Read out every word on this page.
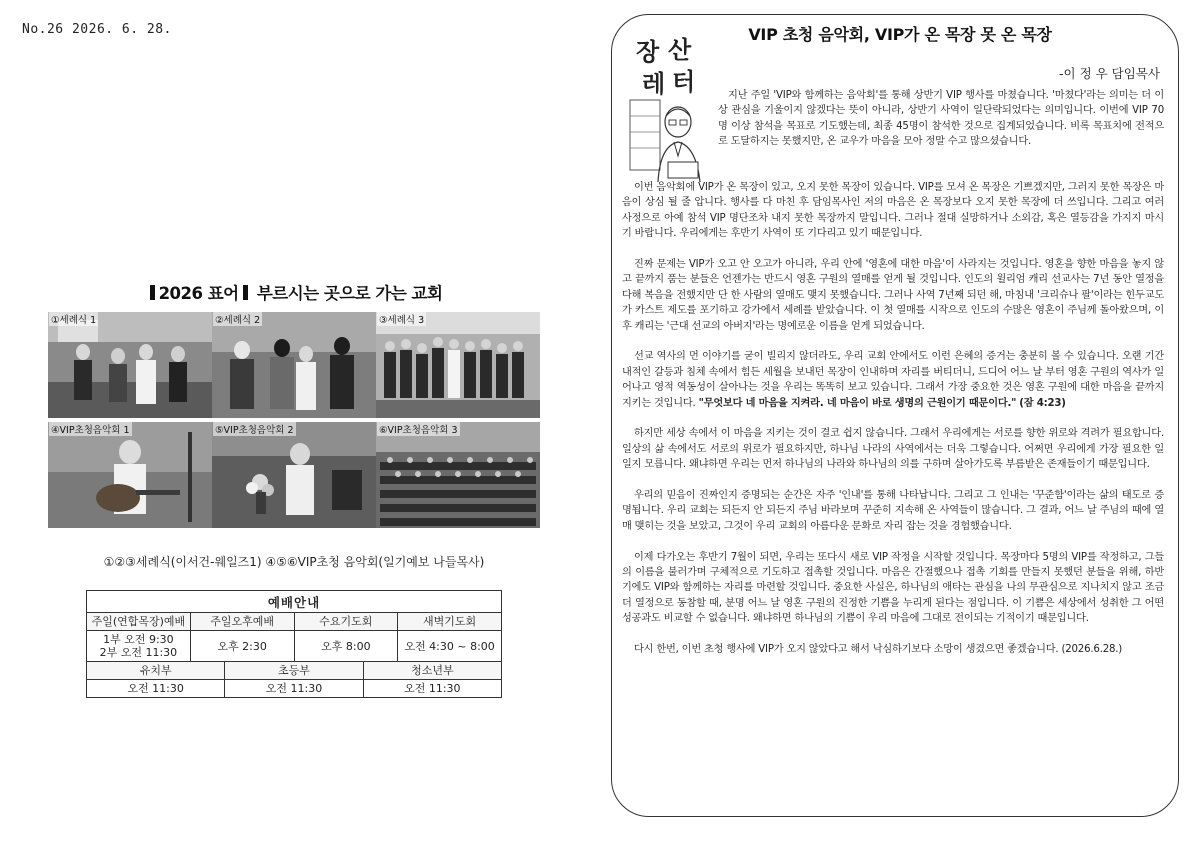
No.26 2026. 6. 28.
2026 표어 부르시는 곳으로 가는 교회
①세례식 1	②세례식 2	③세례식 3
④VIP초청음악회 1	⑤VIP초청음악회 2	⑥VIP초청음악회 3
①②③세례식(이서건-웨일즈1) ④⑤⑥VIP초청 음악회(일기예보 나들목사)
예배안내
주일(연합목장)예배	주일오후예배	수요기도회	새벽기도회
1부 오전 9:30
2부 오전 11:30	오후 2:30	오후 8:00	오전 4:30 ~ 8:00
유치부	초등부	청소년부
오전 11:30	오전 11:30	오전 11:30
장 산
레 터
VIP 초청 음악회, VIP가 온 목장 못 온 목장
-이 정 우 담임목사

지난 주일 'VIP와 함께하는 음악회'를 통해 상반기 VIP 행사를 마쳤습니다. '마쳤다'라는 의미는 더 이상 관심을 기울이지 않겠다는 뜻이 아니라, 상반기 사역이 일단락되었다는 의미입니다. 이번에 VIP 70명 이상 참석을 목표로 기도했는데, 최종 45명이 참석한 것으로 집계되었습니다. 비록 목표치에 전적으로 도달하지는 못했지만, 온 교우가 마음을 모아 정말 수고 많으셨습니다.

이번 음악회에 VIP가 온 목장이 있고, 오지 못한 목장이 있습니다. VIP를 모셔 온 목장은 기쁘겠지만, 그러지 못한 목장은 마음이 상심 될 줄 압니다. 행사를 다 마친 후 담임목사인 저의 마음은 온 목장보다 오지 못한 목장에 더 쓰입니다. 그리고 여러 사정으로 아예 참석 VIP 명단조차 내지 못한 목장까지 말입니다. 그러나 절대 실망하거나 소외감, 혹은 열등감을 가지지 마시기 바랍니다. 우리에게는 후반기 사역이 또 기다리고 있기 때문입니다.

진짜 문제는 VIP가 오고 안 오고가 아니라, 우리 안에 '영혼에 대한 마음'이 사라지는 것입니다. 영혼을 향한 마음을 놓지 않고 끝까지 품는 분들은 언젠가는 반드시 영혼 구원의 열매를 얻게 될 것입니다. 인도의 윌리엄 캐리 선교사는 7년 동안 열정을 다해 복음을 전했지만 단 한 사람의 열매도 맺지 못했습니다. 그러나 사역 7년째 되던 해, 마침내 '크리슈나 팔'이라는 힌두교도가 카스트 제도를 포기하고 강가에서 세례를 받았습니다. 이 첫 열매를 시작으로 인도의 수많은 영혼이 주님께 돌아왔으며, 이후 캐리는 '근대 선교의 아버지'라는 명예로운 이름을 얻게 되었습니다.

선교 역사의 먼 이야기를 굳이 빌리지 않더라도, 우리 교회 안에서도 이런 은혜의 증거는 충분히 볼 수 있습니다. 오랜 기간 내적인 갈등과 침체 속에서 힘든 세월을 보내던 목장이 인내하며 자리를 버티더니, 드디어 어느 날 부터 영혼 구원의 역사가 일어나고 영적 역동성이 살아나는 것을 우리는 똑똑히 보고 있습니다. 그래서 가장 중요한 것은 영혼 구원에 대한 마음을 끝까지 지키는 것입니다. "무엇보다 네 마음을 지켜라. 네 마음이 바로 생명의 근원이기 때문이다." (잠 4:23)

하지만 세상 속에서 이 마음을 지키는 것이 결코 쉽지 않습니다. 그래서 우리에게는 서로를 향한 위로와 격려가 필요합니다. 일상의 삶 속에서도 서로의 위로가 필요하지만, 하나님 나라의 사역에서는 더욱 그렇습니다. 어쩌면 우리에게 가장 필요한 일일지 모릅니다. 왜냐하면 우리는 먼저 하나님의 나라와 하나님의 의를 구하며 살아가도록 부름받은 존재들이기 때문입니다.

우리의 믿음이 진짜인지 증명되는 순간은 자주 '인내'를 통해 나타납니다. 그리고 그 인내는 '꾸준함'이라는 삶의 태도로 증명됩니다. 우리 교회는 되든지 안 되든지 주님 바라보며 꾸준히 지속해 온 사역들이 많습니다. 그 결과, 어느 날 주님의 때에 열매 맺히는 것을 보았고, 그것이 우리 교회의 아름다운 문화로 자리 잡는 것을 경험했습니다.

이제 다가오는 후반기 7월이 되면, 우리는 또다시 새로 VIP 작정을 시작할 것입니다. 목장마다 5명의 VIP를 작정하고, 그들의 이름을 불러가며 구체적으로 기도하고 접촉할 것입니다. 마음은 간절했으나 접촉 기회를 만들지 못했던 분들을 위해, 하반기에도 VIP와 함께하는 자리를 마련할 것입니다. 중요한 사실은, 하나님의 애타는 관심을 나의 무관심으로 지나치지 않고 조금 더 열정으로 동참할 때, 분명 어느 날 영혼 구원의 진정한 기쁨을 누리게 된다는 점입니다. 이 기쁨은 세상에서 성취한 그 어떤 성공과도 비교할 수 없습니다. 왜냐하면 하나님의 기쁨이 우리 마음에 그대로 전이되는 기적이기 때문입니다.

다시 한번, 이번 초청 행사에 VIP가 오지 않았다고 해서 낙심하기보다 소망이 생겼으면 좋겠습니다. (2026.6.28.)
